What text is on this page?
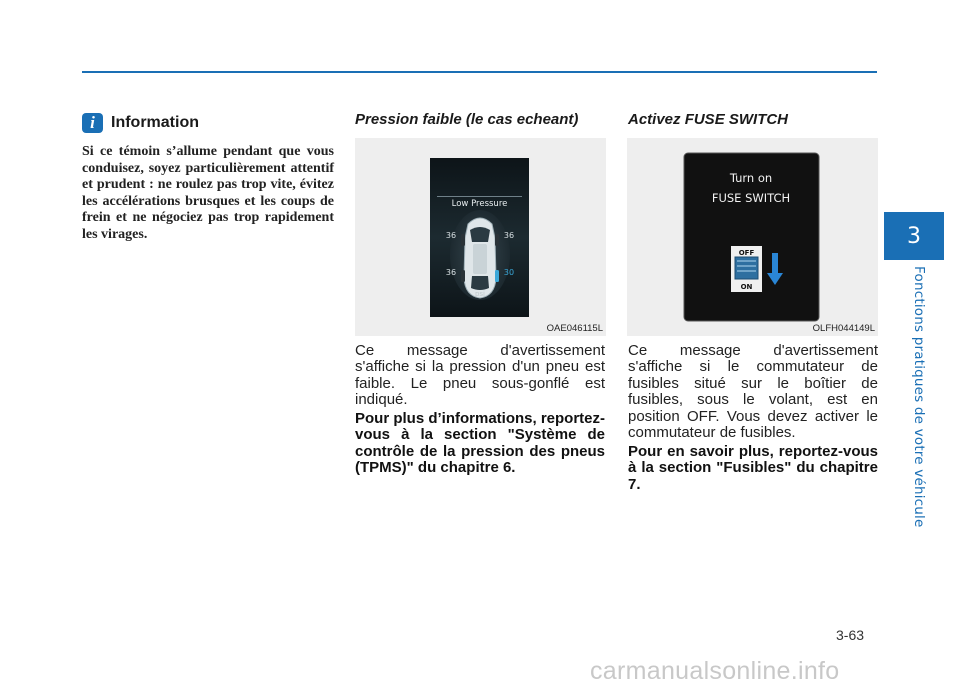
3
Fonctions pratiques de votre véhicule
i	Information
Si ce témoin s’allume pendant que vous conduisez, soyez particulièrement attentif et prudent : ne roulez pas trop vite, évitez les accélérations brusques et les coups de frein et ne négociez pas trop rapidement les virages.
Pression faible (le cas echeant)
Low Pressure
36	36
36	30
psi
OAE046115L
Ce message d'avertissement s'affiche si la pression d'un pneu est faible. Le pneu sous-gonflé est indiqué.
Pour plus d’informations, reportez-vous à la section "Système de contrôle de la pression des pneus (TPMS)" du chapitre 6.
Activez FUSE SWITCH
Turn on
FUSE SWITCH
OFF
ON
OLFH044149L
Ce message d'avertissement s'affiche si le commutateur de fusibles situé sur le boîtier de fusibles, sous le volant, est en position OFF. Vous devez activer le commutateur de fusibles.
Pour en savoir plus, reportez-vous à la section "Fusibles" du chapitre 7.
3-63
carmanualsonline.info
